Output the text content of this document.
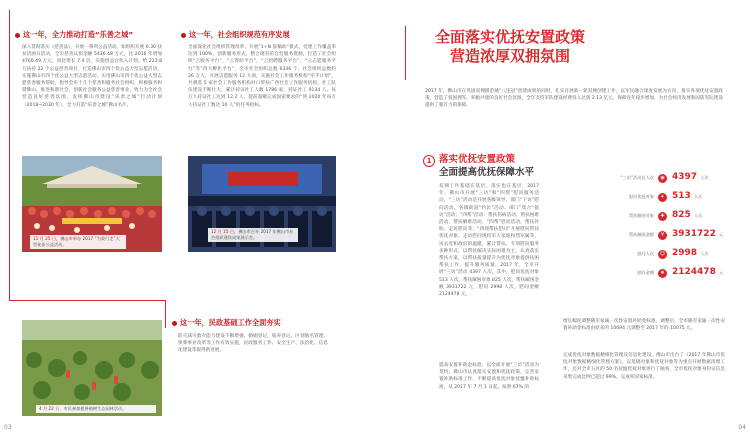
这一年，全力推动打造“乐善之城”
深入贯彻落实《慈善法》，开展一系列公益活动。如组织开展 6.30 扶贫济困日活动，全市慈善认捐金额 5436.48 万元，比 2016 年增加 4760.49 万元，同比增长 7.4 倍，实施创益台伙入计划，给 223.8 万扶持 22 个公益慈善项目，打造佛山市四个优公益大型志愿活动，实施佛山市四个优公益大型志愿活动，实用佛山市四个优公益大型志愿慈善服务帮助，指导全市十几个慈善和服务社会组织，积极服务和谐佛山，推进和谐社会，创新社会服务公益慈善事业，致力为全社会营造良好慈善氛围，发挥佛山市建设“乐善之城”行动计划（2018~2030 年），全力打造“乐善之城”佛山名片。
这一年，社会组织规范有序发展
全面深化社会组织管理改革，开展“1+N 辞稿助”模式，党建工作覆盖率达到 100%，创新服务形式，整合现有的自营服务资源，打造了社会组织“云服务平台”，“云资助平台”、“云招聘服务平台”、“云志愿服务平台”等“四大孵化平台”，全市社会组织总数 6336 个，社会组织总数约 26 万人，开展志愿服务 12 大项，实施社会工作服务机构“牵手计划”，共遴选 5 家社会工作服务机构对口帮扶广西社会工作服务机构，社工队伍建设不断壮大，累计持证社工人数 1786 家，持证社工 9134 人，每万人持证社工达到 12.2 人，提前超额完成国家要求的“到 2020 年每万人持证社工数达 10 人”的任务指标。
11 月 25 日，佛山市举办 2017 “为爱行走”大型徒步公益活动。
12 月 15 日，佛山市召开 2017 年佛山市社会组织建设成果展示会。
这一年，民政基础工作全面夯实
防灾减灾救灾能力建设不断增强，婚姻登记，收养登记、区划地名管理、殡葬事业改革等工作有效实施，民政服务工作、安全生产、法治化、信息化建设等取得新进展。
4 月 22 日，市民参加慈善植树生态园林活动。
03
全面落实优抚安置政策
营造浓厚双拥氛围
2017 年，佛山市在巩固双拥模范城“八连冠”创建成果的同时，扎实开展新一轮双拥创建工作，以军民融合深度发展为方向，推实各项优抚安置政策，营造了爱国拥军、积极共建的良好社会氛围，全年支持军队建设经费投入达到 2.13 亿元，保障连年稳步增加，为社会经济发展和国防军队建设提供了强有力的保障。
1 落实优抚安置政策
全面提高优抚保障水平
双拥工作基础在基层，落实也在基层，2017 年，佛山市开展“三访”和“四帮”慰问服务活动，“三访”活动是开展各级领导、部门“下访”慰问活动、各镇街道“约访”活动、部门”集合“接访”活动；“四帮”活动：帮扶伤病活动、帮扶困难活动、帮扶解难活动、“四帮”慰问活动，帮扶补助、走访慰问等；“四项帮扶慰问”开展慰问帮扶优抚对象，走访慰问现役军人家庭和烈军属等，送去党和政府的温暖，累计帮扶、专项慰问服务多种形式，以帮扶解决实际困难为主，认真落实帮扶方案，以帮扶质量提升为优抚对象提供扶困帮扶工作，提升服务质量。2017 年，全市开展“三访”活动 4397 人次，其中，慰问优抚对象 513 人次，帮扶解困对象 825 人次，帮扶解困金额 3931722 元，慰问 2998 人次，慰问金额 2124478 元。
提高安置补助金标准，以全面开展“三访”活动为契机，佛山市认真落实安置和优抚政策，完善安置补助标准工作，不断提高优抚对象抚恤补助标准，从 2017 年 7 月 1 日起，按照 67% 的
“三访”活动总人次	◉ 4397 人次
慰问优抚对象	✦ 513 人次
帮扶解困对象	✚ 825 人次
帮扶解困金额	¥ 3931722 元
慰问人次	☺ 2998 人次
慰问金额	❖ 2124478 元
增长幅度调整随军家属一次性安置补助金标准，调整后，全市随军家属一次性安置补助金标准由原来的 10694 元调整至 2017 年的 10075 元。
完成优抚对象数据精细化管理及信息化建设，佛山市出台了《2017 年佛山市优抚对象数据精细化管理方案》，以基础对象和优抚对象等为重点开展数据清理工作，还对全市五区的 50 名抚恤优抚对象进行了抽查，全市优抚对象身份证信息采集完成比例已超过 99%，完成率国家标准。
04
